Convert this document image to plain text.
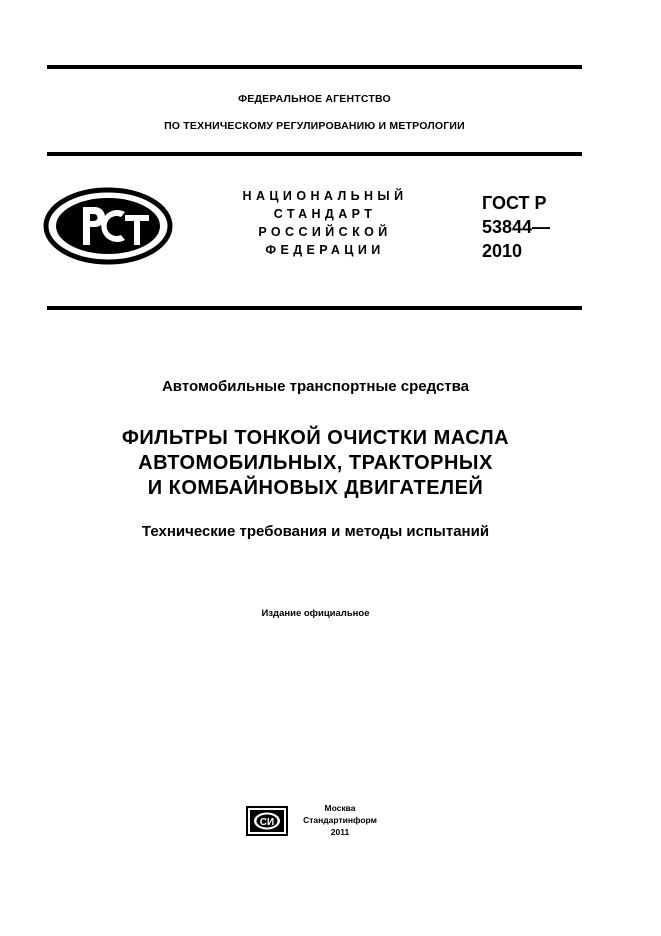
ФЕДЕРАЛЬНОЕ АГЕНТСТВО
ПО ТЕХНИЧЕСКОМУ РЕГУЛИРОВАНИЮ И МЕТРОЛОГИИ
НАЦИОНАЛЬНЫЙ
СТАНДАРТ
РОССИЙСКОЙ
ФЕДЕРАЦИИ
ГОСТ Р
53844—
2010
Автомобильные транспортные средства
ФИЛЬТРЫ ТОНКОЙ ОЧИСТКИ МАСЛА
АВТОМОБИЛЬНЫХ, ТРАКТОРНЫХ
И КОМБАЙНОВЫХ ДВИГАТЕЛЕЙ
Технические требования и методы испытаний
Издание официальное
СИ
Москва
Стандартинформ
2011
